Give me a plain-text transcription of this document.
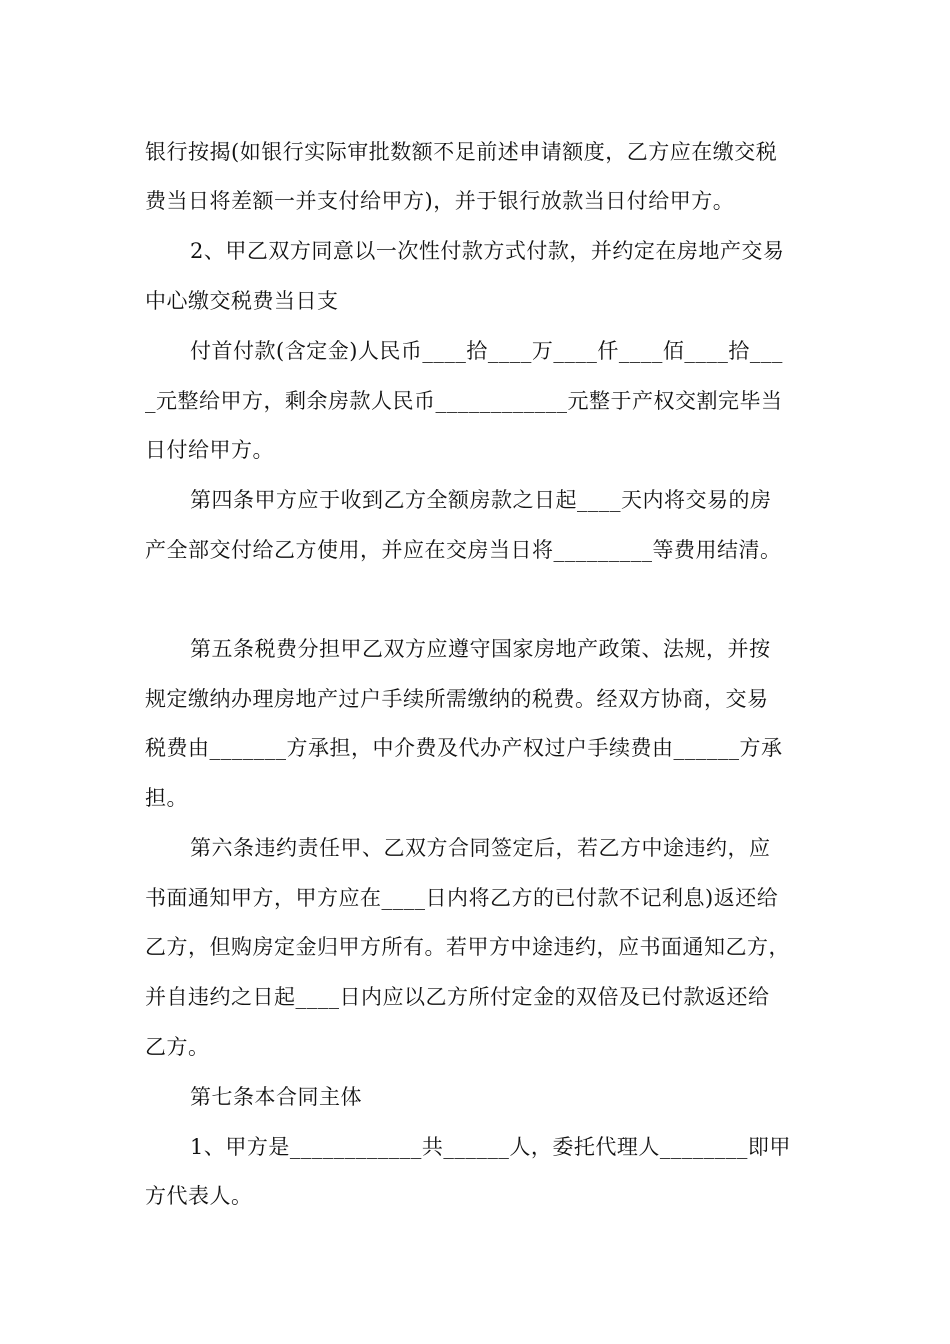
银行按揭(如银行实际审批数额不足前述申请额度，乙方应在缴交税
费当日将差额一并支付给甲方)，并于银行放款当日付给甲方。
2、甲乙双方同意以一次性付款方式付款，并约定在房地产交易
中心缴交税费当日支
付首付款(含定金)人民币____拾____万____仟____佰____拾___
_元整给甲方，剩余房款人民币____________元整于产权交割完毕当
日付给甲方。
第四条甲方应于收到乙方全额房款之日起____天内将交易的房
产全部交付给乙方使用，并应在交房当日将_________等费用结清。
第五条税费分担甲乙双方应遵守国家房地产政策、法规，并按
规定缴纳办理房地产过户手续所需缴纳的税费。经双方协商，交易
税费由_______方承担，中介费及代办产权过户手续费由______方承
担。
第六条违约责任甲、乙双方合同签定后，若乙方中途违约，应
书面通知甲方，甲方应在____日内将乙方的已付款不记利息)返还给
乙方，但购房定金归甲方所有。若甲方中途违约，应书面通知乙方，
并自违约之日起____日内应以乙方所付定金的双倍及已付款返还给
乙方。
第七条本合同主体
1、甲方是____________共______人，委托代理人________即甲
方代表人。
